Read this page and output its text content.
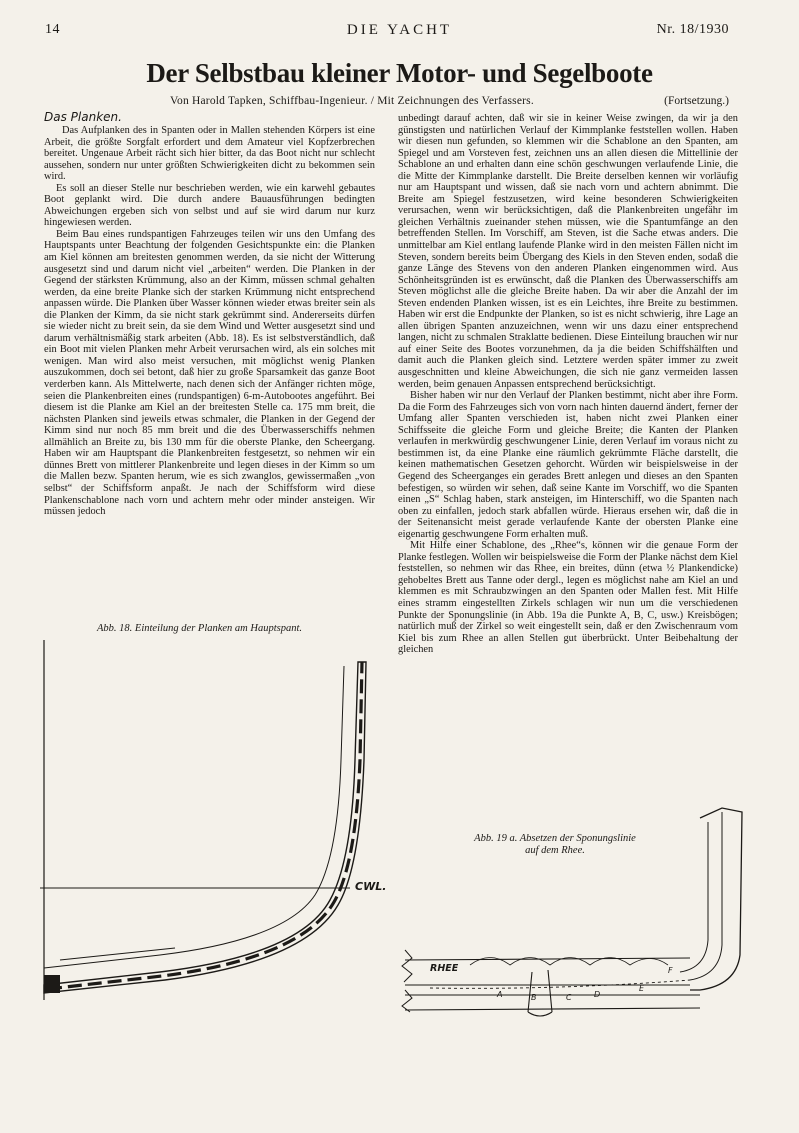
14	DIE YACHT	Nr. 18/1930
Der Selbstbau kleiner Motor- und Segelboote
Von Harold Tapken, Schiffbau-Ingenieur. / Mit Zeichnungen des Verfassers.	(Fortsetzung.)
Das Planken.

Das Aufplanken des in Spanten oder in Mallen stehenden Körpers ist eine Arbeit, die größte Sorgfalt erfordert und dem Amateur viel Kopfzerbrechen bereitet. Ungenaue Arbeit rächt sich hier bitter, da das Boot nicht nur schlecht aussehen, sondern nur unter größten Schwierigkeiten dicht zu bekommen sein wird.

Es soll an dieser Stelle nur beschrieben werden, wie ein karwehl gebautes Boot geplankt wird. Die durch andere Bauausführungen bedingten Abweichungen ergeben sich von selbst und auf sie wird darum nur kurz hingewiesen werden.

Beim Bau eines rundspantigen Fahrzeuges teilen wir uns den Umfang des Hauptspants unter Beachtung der folgenden Gesichtspunkte ein: die Planken am Kiel können am breitesten genommen werden, da sie nicht der Witterung ausgesetzt sind und darum nicht viel „arbeiten“ werden. Die Planken in der Gegend der stärksten Krümmung, also an der Kimm, müssen schmal gehalten werden, da eine breite Planke sich der starken Krümmung nicht entsprechend anpassen würde. Die Planken über Wasser können wieder etwas breiter sein als die Planken der Kimm, da sie nicht stark gekrümmt sind. Andererseits dürfen sie wieder nicht zu breit sein, da sie dem Wind und Wetter ausgesetzt sind und darum verhältnismäßig stark arbeiten (Abb. 18). Es ist selbstverständlich, daß ein Boot mit vielen Planken mehr Arbeit verursachen wird, als ein solches mit wenigen. Man wird also meist versuchen, mit möglichst wenig Planken auszukommen, doch sei betont, daß hier zu große Sparsamkeit das ganze Boot verderben kann. Als Mittelwerte, nach denen sich der Anfänger richten möge, seien die Plankenbreiten eines (rundspantigen) 6-m-Autobootes angeführt. Bei diesem ist die Planke am Kiel an der breitesten Stelle ca. 175 mm breit, die nächsten Planken sind jeweils etwas schmaler, die Planken in der Gegend der Kimm sind nur noch 85 mm breit und die des Überwasserschiffs nehmen allmählich an Breite zu, bis 130 mm für die oberste Planke, den Scheergang. Haben wir am Hauptspant die Plankenbreiten festgesetzt, so nehmen wir ein dünnes Brett von mittlerer Plankenbreite und legen dieses in der Kimm so um die Mallen bezw. Spanten herum, wie es sich zwanglos, gewissermaßen „von selbst“ der Schiffsform anpaßt. Je nach der Schiffsform wird diese Plankenschablone nach vorn und achtern mehr oder minder ansteigen. Wir müssen jedoch

unbedingt darauf achten, daß wir sie in keiner Weise zwingen, da wir ja den günstigsten und natürlichen Verlauf der Kimmplanke feststellen wollen. Haben wir diesen nun gefunden, so klemmen wir die Schablone an den Spanten, am Spiegel und am Vorsteven fest, zeichnen uns an allen diesen die Mittellinie der Schablone an und erhalten dann eine schön geschwungen verlaufende Linie, die die Mitte der Kimmplanke darstellt. Die Breite derselben kennen wir vorläufig nur am Hauptspant und wissen, daß sie nach vorn und achtern abnimmt. Die Breite am Spiegel festzusetzen, wird keine besonderen Schwierigkeiten verursachen, wenn wir berücksichtigen, daß die Plankenbreiten ungefähr im gleichen Verhältnis zueinander stehen müssen, wie die Spantumfänge an den betreffenden Stellen. Im Vorschiff, am Steven, ist die Sache etwas anders. Die unmittelbar am Kiel entlang laufende Planke wird in den meisten Fällen nicht im Steven, sondern bereits beim Übergang des Kiels in den Steven enden, sodaß die ganze Länge des Stevens von den anderen Planken eingenommen wird. Aus Schönheitsgründen ist es erwünscht, daß die Planken des Überwasserschiffs am Steven möglichst alle die gleiche Breite haben. Da wir aber die Anzahl der im Steven endenden Planken wissen, ist es ein Leichtes, ihre Breite zu bestimmen. Haben wir erst die Endpunkte der Planken, so ist es nicht schwierig, ihre Lage an allen übrigen Spanten anzuzeichnen, wenn wir uns dazu einer entsprechend langen, nicht zu schmalen Straklatte bedienen. Diese Einteilung brauchen wir nur auf einer Seite des Bootes vorzunehmen, da ja die beiden Schiffshälften und damit auch die Planken gleich sind. Letztere werden später immer zu zweit ausgeschnitten und kleine Abweichungen, die sich nie ganz vermeiden lassen werden, beim genauen Anpassen entsprechend berücksichtigt.

Bisher haben wir nur den Verlauf der Planken bestimmt, nicht aber ihre Form. Da die Form des Fahrzeuges sich von vorn nach hinten dauernd ändert, ferner der Umfang aller Spanten verschieden ist, haben nicht zwei Planken einer Schiffsseite die gleiche Form und gleiche Breite; die Kanten der Planken verlaufen in merkwürdig geschwungener Linie, deren Verlauf im voraus nicht zu bestimmen ist, da eine Planke eine räumlich gekrümmte Fläche darstellt, die keinen mathematischen Gesetzen gehorcht. Würden wir beispielsweise in der Gegend des Scheerganges ein gerades Brett anlegen und dieses an den Spanten befestigen, so würden wir sehen, daß seine Kante im Vorschiff, wo die Spanten einen „S“ Schlag haben, stark ansteigen, im Hinterschiff, wo die Spanten nach oben zu einfallen, jedoch stark abfallen würde. Hieraus ersehen wir, daß die in der Seitenansicht meist gerade verlaufende Kante der obersten Planke eine eigenartig geschwungene Form erhalten muß.

Mit Hilfe einer Schablone, des „Rhee“s, können wir die genaue Form der Planke festlegen. Wollen wir beispielsweise die Form der Planke nächst dem Kiel feststellen, so nehmen wir das Rhee, ein breites, dünn (etwa ½ Plankendicke) gehobeltes Brett aus Tanne oder dergl., legen es möglichst nahe am Kiel an und klemmen es mit Schraubzwingen an den Spanten oder Mallen fest. Mit Hilfe eines stramm eingestellten Zirkels schlagen wir nun um die verschiedenen Punkte der Sponungslinie (in Abb. 19a die Punkte A, B, C, usw.) Kreisbögen; natürlich muß der Zirkel so weit eingestellt sein, daß er den Zwischenraum vom Kiel bis zum Rhee an allen Stellen gut überbrückt. Unter Beibehaltung der gleichen

Abb. 18. Einteilung der Planken am Hauptspant.
CWL.
Abb. 19 a. Absetzen der Sponungslinie
auf dem Rhee.
RHEE
A	B	C	D
E
F
